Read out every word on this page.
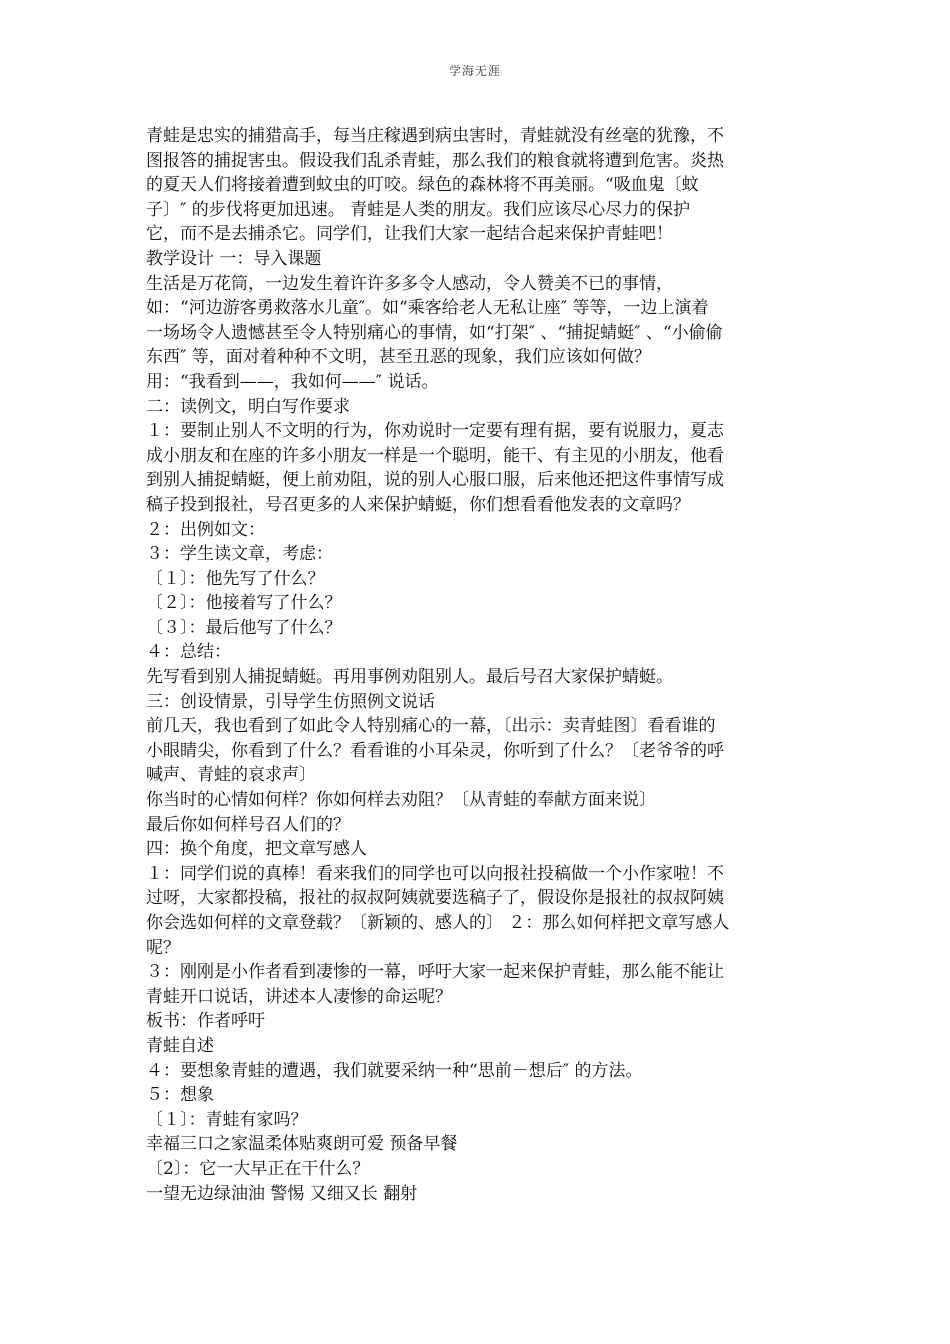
学海无涯
青蛙是忠实的捕猎高手，每当庄稼遇到病虫害时，青蛙就没有丝毫的犹豫，不
图报答的捕捉害虫。假设我们乱杀青蛙，那么我们的粮食就将遭到危害。炎热
的夏天人们将接着遭到蚊虫的叮咬。绿色的森林将不再美丽。“吸血鬼〔蚊
子〕″ 的步伐将更加迅速。 青蛙是人类的朋友。我们应该尽心尽力的保护
它，而不是去捕杀它。同学们，让我们大家一起结合起来保护青蛙吧！
教学设计 一：导入课题
生活是万花筒，一边发生着许许多多令人感动，令人赞美不已的事情，
如：“河边游客勇救落水儿童″。如“乘客给老人无私让座″ 等等，一边上演着
一场场令人遗憾甚至令人特别痛心的事情，如“打架″ 、“捕捉蜻蜓″ 、“小偷偷
东西″ 等，面对着种种不文明，甚至丑恶的现象，我们应该如何做？
用：“我看到——，我如何——″ 说话。
二：读例文，明白写作要求
１：要制止别人不文明的行为，你劝说时一定要有理有据，要有说服力，夏志
成小朋友和在座的许多小朋友一样是一个聪明，能干、有主见的小朋友，他看
到别人捕捉蜻蜓，便上前劝阻，说的别人心服口服，后来他还把这件事情写成
稿子投到报社，号召更多的人来保护蜻蜓，你们想看看他发表的文章吗？
２：出例如文：
３：学生读文章，考虑：
〔１〕：他先写了什么？
〔２〕：他接着写了什么？
〔３〕：最后他写了什么？
４：总结：
先写看到别人捕捉蜻蜓。再用事例劝阻别人。最后号召大家保护蜻蜓。
三：创设情景，引导学生仿照例文说话
前几天，我也看到了如此令人特别痛心的一幕，〔出示：卖青蛙图〕看看谁的
小眼睛尖，你看到了什么？看看谁的小耳朵灵，你听到了什么？〔老爷爷的呼
喊声、青蛙的哀求声〕
你当时的心情如何样？你如何样去劝阻？〔从青蛙的奉献方面来说〕
最后你如何样号召人们的？
四：换个角度，把文章写感人
１：同学们说的真棒！看来我们的同学也可以向报社投稿做一个小作家啦！不
过呀，大家都投稿，报社的叔叔阿姨就要选稿子了，假设你是报社的叔叔阿姨
你会选如何样的文章登载？〔新颖的、感人的〕 ２：那么如何样把文章写感人
呢？
３：刚刚是小作者看到凄惨的一幕，呼吁大家一起来保护青蛙，那么能不能让
青蛙开口说话，讲述本人凄惨的命运呢？
板书：作者呼吁
青蛙自述
４：要想象青蛙的遭遇，我们就要采纳一种“思前－想后″ 的方法。
５：想象
〔１〕：青蛙有家吗？
幸福三口之家温柔体贴爽朗可爱 预备早餐
〔2〕：它一大早正在干什么？
一望无边绿油油 警惕 又细又长 翻射
